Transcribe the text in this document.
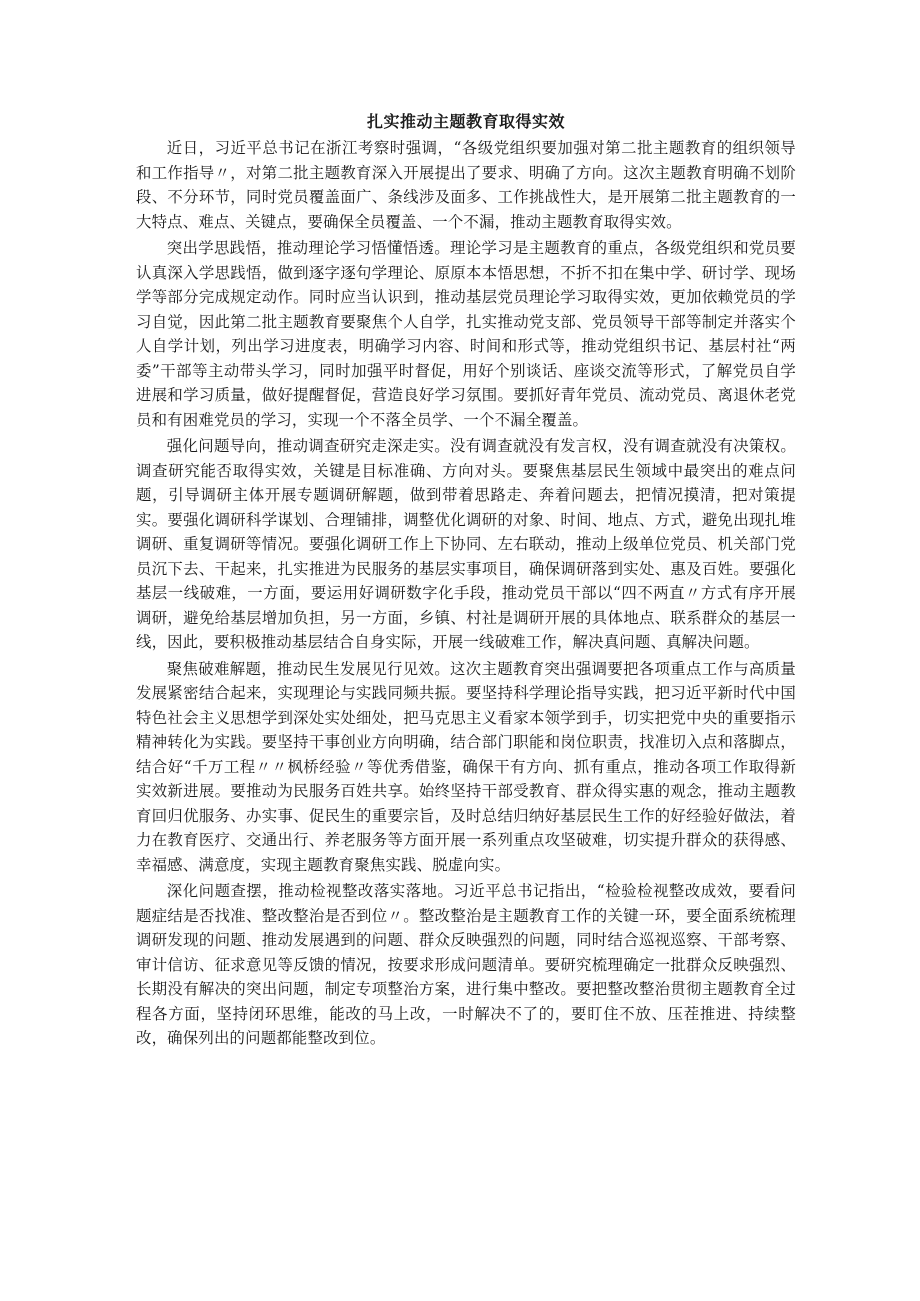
扎实推动主题教育取得实效

近日，习近平总书记在浙江考察时强调，“各级党组织要加强对第二批主题教育的组织领导和工作指导〃，对第二批主题教育深入开展提出了要求、明确了方向。这次主题教育明确不划阶段、不分环节，同时党员覆盖面广、条线涉及面多、工作挑战性大，是开展第二批主题教育的一大特点、难点、关键点，要确保全员覆盖、一个不漏，推动主题教育取得实效。

突出学思践悟，推动理论学习悟懂悟透。理论学习是主题教育的重点，各级党组织和党员要认真深入学思践悟，做到逐字逐句学理论、原原本本悟思想，不折不扣在集中学、研讨学、现场学等部分完成规定动作。同时应当认识到，推动基层党员理论学习取得实效，更加依赖党员的学习自觉，因此第二批主题教育要聚焦个人自学，扎实推动党支部、党员领导干部等制定并落实个人自学计划，列出学习进度表，明确学习内容、时间和形式等，推动党组织书记、基层村社“两委”干部等主动带头学习，同时加强平时督促，用好个别谈话、座谈交流等形式，了解党员自学进展和学习质量，做好提醒督促，营造良好学习氛围。要抓好青年党员、流动党员、离退休老党员和有困难党员的学习，实现一个不落全员学、一个不漏全覆盖。

强化问题导向，推动调查研究走深走实。没有调查就没有发言权，没有调查就没有决策权。调查研究能否取得实效，关键是目标准确、方向对头。要聚焦基层民生领域中最突出的难点问题，引导调研主体开展专题调研解题，做到带着思路走、奔着问题去，把情况摸清，把对策提实。要强化调研科学谋划、合理铺排，调整优化调研的对象、时间、地点、方式，避免出现扎堆调研、重复调研等情况。要强化调研工作上下协同、左右联动，推动上级单位党员、机关部门党员沉下去、干起来，扎实推进为民服务的基层实事项目，确保调研落到实处、惠及百姓。要强化基层一线破难，一方面，要运用好调研数字化手段，推动党员干部以“四不两直〃方式有序开展调研，避免给基层增加负担，另一方面，乡镇、村社是调研开展的具体地点、联系群众的基层一线，因此，要积极推动基层结合自身实际，开展一线破难工作，解决真问题、真解决问题。

聚焦破难解题，推动民生发展见行见效。这次主题教育突出强调要把各项重点工作与高质量发展紧密结合起来，实现理论与实践同频共振。要坚持科学理论指导实践，把习近平新时代中国特色社会主义思想学到深处实处细处，把马克思主义看家本领学到手，切实把党中央的重要指示精神转化为实践。要坚持干事创业方向明确，结合部门职能和岗位职责，找准切入点和落脚点，结合好“千万工程〃〃枫桥经验〃等优秀借鉴，确保干有方向、抓有重点，推动各项工作取得新实效新进展。要推动为民服务百姓共享。始终坚持干部受教育、群众得实惠的观念，推动主题教育回归优服务、办实事、促民生的重要宗旨，及时总结归纳好基层民生工作的好经验好做法，着力在教育医疗、交通出行、养老服务等方面开展一系列重点攻坚破难，切实提升群众的获得感、幸福感、满意度，实现主题教育聚焦实践、脱虚向实。

深化问题查摆，推动检视整改落实落地。习近平总书记指出，“检验检视整改成效，要看问题症结是否找准、整改整治是否到位〃。整改整治是主题教育工作的关键一环，要全面系统梳理调研发现的问题、推动发展遇到的问题、群众反映强烈的问题，同时结合巡视巡察、干部考察、审计信访、征求意见等反馈的情况，按要求形成问题清单。要研究梳理确定一批群众反映强烈、长期没有解决的突出问题，制定专项整治方案，进行集中整改。要把整改整治贯彻主题教育全过程各方面，坚持闭环思维，能改的马上改，一时解决不了的，要盯住不放、压茬推进、持续整改，确保列出的问题都能整改到位。
